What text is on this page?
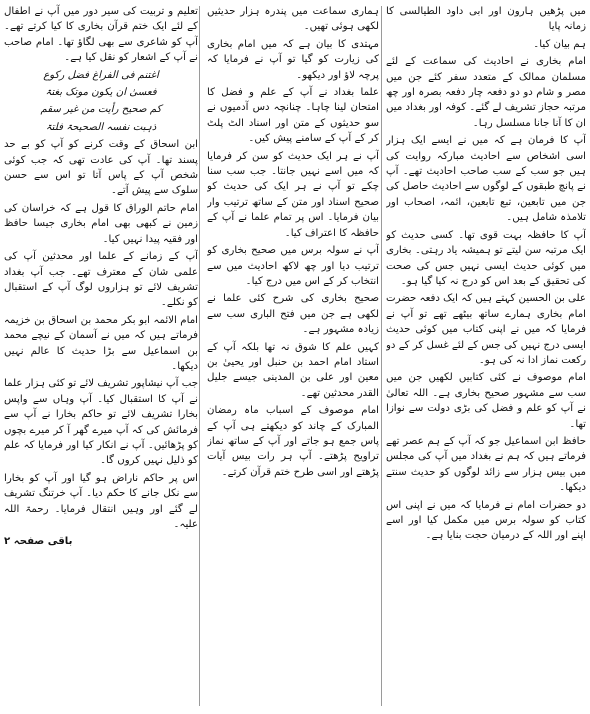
میں پڑھیں ہارون اور ابی داود الطیالسی کا زمانہ پایا

ہم بیان کیا۔

امام بخاری نے احادیث کی سماعت کے لئے مسلمان ممالک کے متعدد سفر کئے جن میں مصر و شام دو دو دفعہ چار دفعہ بصرہ اور چھ مرتبہ حجاز تشریف لے گئے۔ کوفہ اور بغداد میں ان کا آنا جانا مسلسل رہا۔

آپ کا فرمان ہے کہ میں نے ایسے ایک ہزار اسی اشخاص سے احادیث مبارکہ روایت کی ہیں جو سب کے سب صاحب احادیث تھے۔ آپ نے پانچ طبقوں کے لوگوں سے احادیث حاصل کی جن میں تابعین، تبع تابعین، ائمہ، اصحاب اور تلامذہ شامل ہیں۔

آپ کا حافظہ بہت قوی تھا۔ کسی حدیث کو ایک مرتبہ سن لیتے تو ہمیشہ یاد رہتی۔ بخاری میں کوئی حدیث ایسی نہیں جس کی صحت کی تحقیق کے بعد اس کو درج نہ کیا گیا ہو۔

علی بن الحسین کہتے ہیں کہ ایک دفعہ حضرت امام بخاری ہمارے ساتھ بیٹھے تھے تو آپ نے فرمایا کہ میں نے اپنی کتاب میں کوئی حدیث ایسی درج نہیں کی جس کے لئے غسل کر کے دو رکعت نماز ادا نہ کی ہو۔

امام موصوف نے کئی کتابیں لکھیں جن میں سب سے مشہور صحیح بخاری ہے۔ اللہ تعالیٰ نے آپ کو علم و فضل کی بڑی دولت سے نوازا تھا۔

حافظ ابن اسماعیل جو کہ آپ کے ہم عصر تھے فرماتے ہیں کہ ہم نے بغداد میں آپ کی مجلس میں بیس ہزار سے زائد لوگوں کو حدیث سنتے دیکھا۔

دو حضرات امام نے فرمایا کہ میں نے اپنی اس کتاب کو سولہ برس میں مکمل کیا اور اسے اپنے اور اللہ کے درمیان حجت بنایا ہے۔

ہماری سماعت میں پندرہ ہزار حدیثیں لکھی ہوئی تھیں۔

مہتدی کا بیان ہے کہ میں امام بخاری کی زیارت کو گیا تو آپ نے فرمایا کہ پرچہ لاؤ اور دیکھو۔

علما بغداد نے آپ کے علم و فضل کا امتحان لینا چاہا۔ چنانچہ دس آدمیوں نے سو حدیثوں کے متن اور اسناد الٹ پلٹ کر کے آپ کے سامنے پیش کیں۔

آپ نے ہر ایک حدیث کو سن کر فرمایا کہ میں اسے نہیں جانتا۔ جب سب سنا چکے تو آپ نے ہر ایک کی حدیث کو صحیح اسناد اور متن کے ساتھ ترتیب وار بیان فرمایا۔ اس پر تمام علما نے آپ کے حافظہ کا اعتراف کیا۔

آپ نے سولہ برس میں صحیح بخاری کو ترتیب دیا اور چھ لاکھ احادیث میں سے انتخاب کر کے اس میں درج کیا۔

صحیح بخاری کی شرح کئی علما نے لکھی ہے جن میں فتح الباری سب سے زیادہ مشہور ہے۔

کہیں علم کا شوق نہ تھا بلکہ آپ کے استاد امام احمد بن حنبل اور یحییٰ بن معین اور علی بن المدینی جیسے جلیل القدر محدثین تھے۔

امام موصوف کے اسباب ماہ رمضان المبارک کے چاند کو دیکھتے ہی آپ کے پاس جمع ہو جاتے اور آپ کے ساتھ نماز تراویح پڑھتے۔ آپ ہر رات بیس آیات پڑھتے اور اسی طرح ختم قرآن کرتے۔

تعلیم و تربیت کی سیر دور میں آپ نے اطفال کے لئے ایک ختم قرآن بخاری کا کیا کرتے تھے۔ آپ کو شاعری سے بھی لگاؤ تھا۔ امام صاحب نے آپ کے اشعار کو نقل کیا ہے۔

اغتنم فی الفراغ فضل رکوع

فعسیٰ ان یکون موتک بغتۃ

کم صحیح رأیت من غیر سقم

ذہبت نفسہ الصحیحۃ فلتۃ

ابن اسحاق کے وقت کرنے کو آپ کو بے حد پسند تھا۔ آپ کی عادت تھی کہ جب کوئی شخص آپ کے پاس آتا تو اس سے حسن سلوک سے پیش آتے۔

امام حاتم الوراق کا قول ہے کہ خراسان کی زمین نے کبھی بھی امام بخاری جیسا حافظ اور فقیہ پیدا نہیں کیا۔

آپ کے زمانے کے علما اور محدثین آپ کی علمی شان کے معترف تھے۔ جب آپ بغداد تشریف لائے تو ہزاروں لوگ آپ کے استقبال کو نکلے۔

امام الائمہ ابو بکر محمد بن اسحاق بن خزیمہ فرماتے ہیں کہ میں نے آسمان کے نیچے محمد بن اسماعیل سے بڑا حدیث کا عالم نہیں دیکھا۔

جب آپ نیشاپور تشریف لائے تو کئی ہزار علما نے آپ کا استقبال کیا۔ آپ وہاں سے واپس بخارا تشریف لائے تو حاکم بخارا نے آپ سے فرمائش کی کہ آپ میرے گھر آ کر میرے بچوں کو پڑھائیں۔ آپ نے انکار کیا اور فرمایا کہ علم کو ذلیل نہیں کروں گا۔

اس پر حاکم ناراض ہو گیا اور آپ کو بخارا سے نکل جانے کا حکم دیا۔ آپ خرتنگ تشریف لے گئے اور وہیں انتقال فرمایا۔ رحمۃ اللہ علیہ۔

باقی صفحہ ۲
